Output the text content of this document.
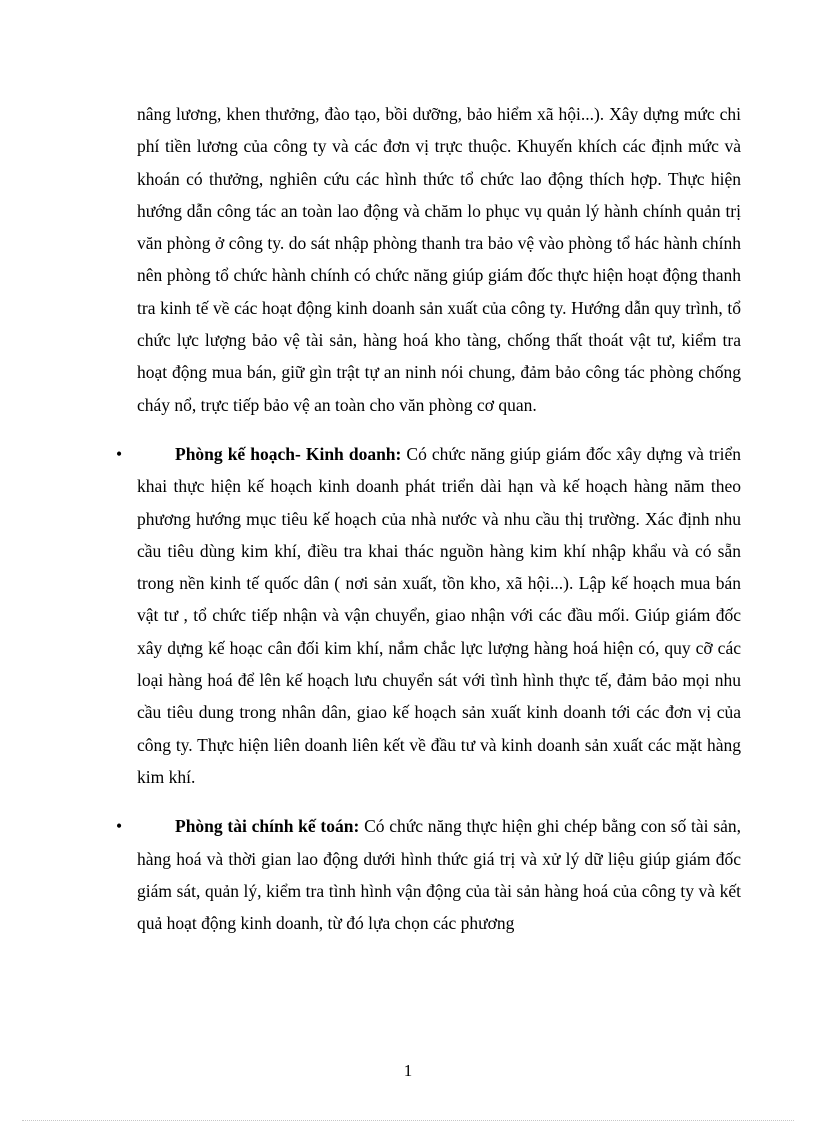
nâng lương, khen thưởng, đào tạo, bồi dưỡng, bảo hiểm xã hội...). Xây dựng mức chi phí tiền lương của công ty và các đơn vị trực thuộc. Khuyến khích các định mức và khoán có thưởng, nghiên cứu các hình thức tổ chức lao động thích hợp. Thực hiện hướng dẫn công tác an toàn lao động và chăm lo phục vụ quản lý hành chính quản trị văn phòng ở công ty. do sát nhập phòng thanh tra bảo vệ vào phòng tổ hác hành chính nên phòng tổ chức hành chính có chức năng giúp giám đốc thực hiện hoạt động thanh tra kinh tế về các hoạt động kinh doanh sản xuất của công ty. Hướng dẫn quy trình, tổ chức lực lượng bảo vệ tài sản, hàng hoá kho tàng, chống thất thoát vật tư, kiểm tra hoạt động mua bán, giữ gìn trật tự an ninh nói chung, đảm bảo công tác phòng chống cháy nổ, trực tiếp bảo vệ an toàn cho văn phòng cơ quan.

•	Phòng kế hoạch- Kinh doanh: Có chức năng giúp giám đốc xây dựng và triển khai thực hiện kế hoạch kinh doanh phát triển dài hạn và kế hoạch hàng năm theo phương hướng mục tiêu kế hoạch của nhà nước và nhu cầu thị trường. Xác định nhu cầu tiêu dùng kim khí, điều tra khai thác nguồn hàng kim khí nhập khẩu và có sẵn trong nền kinh tế quốc dân ( nơi sản xuất, tồn kho, xã hội...). Lập kế hoạch mua bán vật tư , tổ chức tiếp nhận và vận chuyển, giao nhận với các đầu mối. Giúp giám đốc xây dựng kế hoạc cân đối kim khí, nắm chắc lực lượng hàng hoá hiện có, quy cỡ các loại hàng hoá để lên kế hoạch lưu chuyển sát với tình hình thực tế, đảm bảo mọi nhu cầu tiêu dung trong nhân dân, giao kế hoạch sản xuất kinh doanh tới các đơn vị của công ty. Thực hiện liên doanh liên kết về đầu tư và kinh doanh sản xuất các mặt hàng kim khí.

•	Phòng tài chính kế toán: Có chức năng thực hiện ghi chép bằng con số tài sản, hàng hoá và thời gian lao động dưới hình thức giá trị và xử lý dữ liệu giúp giám đốc giám sát, quản lý, kiểm tra tình hình vận động của tài sản hàng hoá của công ty và kết quả hoạt động kinh doanh, từ đó lựa chọn các phương

1
